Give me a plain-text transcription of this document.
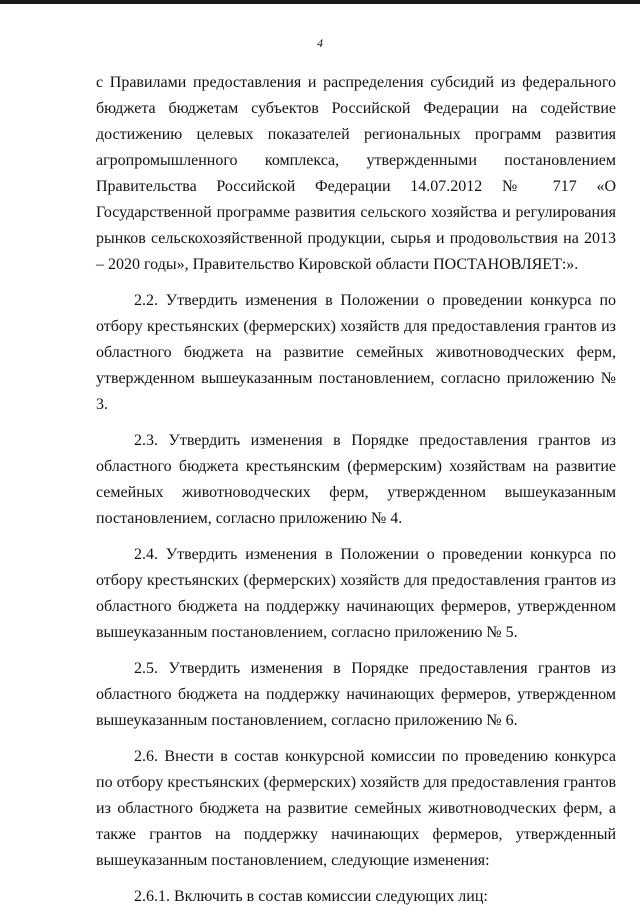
4

с Правилами предоставления и распределения субсидий из федерального бюджета бюджетам субъектов Российской Федерации на содействие достижению целевых показателей региональных программ развития агропромышленного комплекса, утвержденными постановлением Правительства Российской Федерации 14.07.2012 № 717 «О Государственной программе развития сельского хозяйства и регулирования рынков сельскохозяйственной продукции, сырья и продовольствия на 2013 – 2020 годы», Правительство Кировской области ПОСТАНОВЛЯЕТ:».

2.2. Утвердить изменения в Положении о проведении конкурса по отбору крестьянских (фермерских) хозяйств для предоставления грантов из областного бюджета на развитие семейных животноводческих ферм, утвержденном вышеуказанным постановлением, согласно приложению № 3.

2.3. Утвердить изменения в Порядке предоставления грантов из областного бюджета крестьянским (фермерским) хозяйствам на развитие семейных животноводческих ферм, утвержденном вышеуказанным постановлением, согласно приложению № 4.

2.4. Утвердить изменения в Положении о проведении конкурса по отбору крестьянских (фермерских) хозяйств для предоставления грантов из областного бюджета на поддержку начинающих фермеров, утвержденном вышеуказанным постановлением, согласно приложению № 5.

2.5. Утвердить изменения в Порядке предоставления грантов из областного бюджета на поддержку начинающих фермеров, утвержденном вышеуказанным постановлением, согласно приложению № 6.

2.6. Внести в состав конкурсной комиссии по проведению конкурса по отбору крестьянских (фермерских) хозяйств для предоставления грантов из областного бюджета на развитие семейных животноводческих ферм, а также грантов на поддержку начинающих фермеров, утвержденный вышеуказанным постановлением, следующие изменения:

2.6.1. Включить в состав комиссии следующих лиц:
